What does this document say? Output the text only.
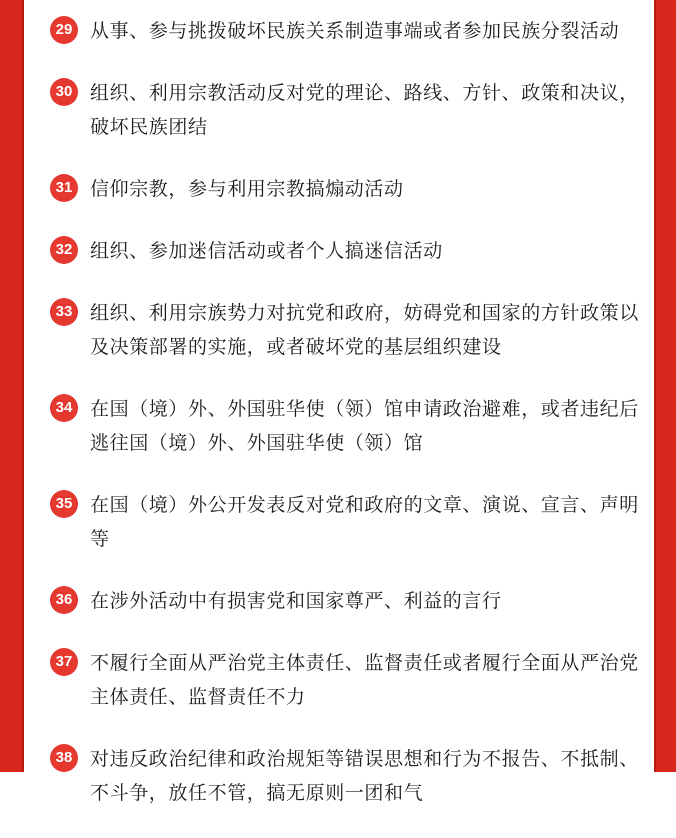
29 从事、参与挑拨破坏民族关系制造事端或者参加民族分裂活动

30 组织、利用宗教活动反对党的理论、路线、方针、政策和决议，破坏民族团结

31 信仰宗教，参与利用宗教搞煽动活动

32 组织、参加迷信活动或者个人搞迷信活动

33 组织、利用宗族势力对抗党和政府，妨碍党和国家的方针政策以及决策部署的实施，或者破坏党的基层组织建设

34 在国（境）外、外国驻华使（领）馆申请政治避难，或者违纪后逃往国（境）外、外国驻华使（领）馆

35 在国（境）外公开发表反对党和政府的文章、演说、宣言、声明等

36 在涉外活动中有损害党和国家尊严、利益的言行

37 不履行全面从严治党主体责任、监督责任或者履行全面从严治党主体责任、监督责任不力

38 对违反政治纪律和政治规矩等错误思想和行为不报告、不抵制、不斗争，放任不管，搞无原则一团和气
